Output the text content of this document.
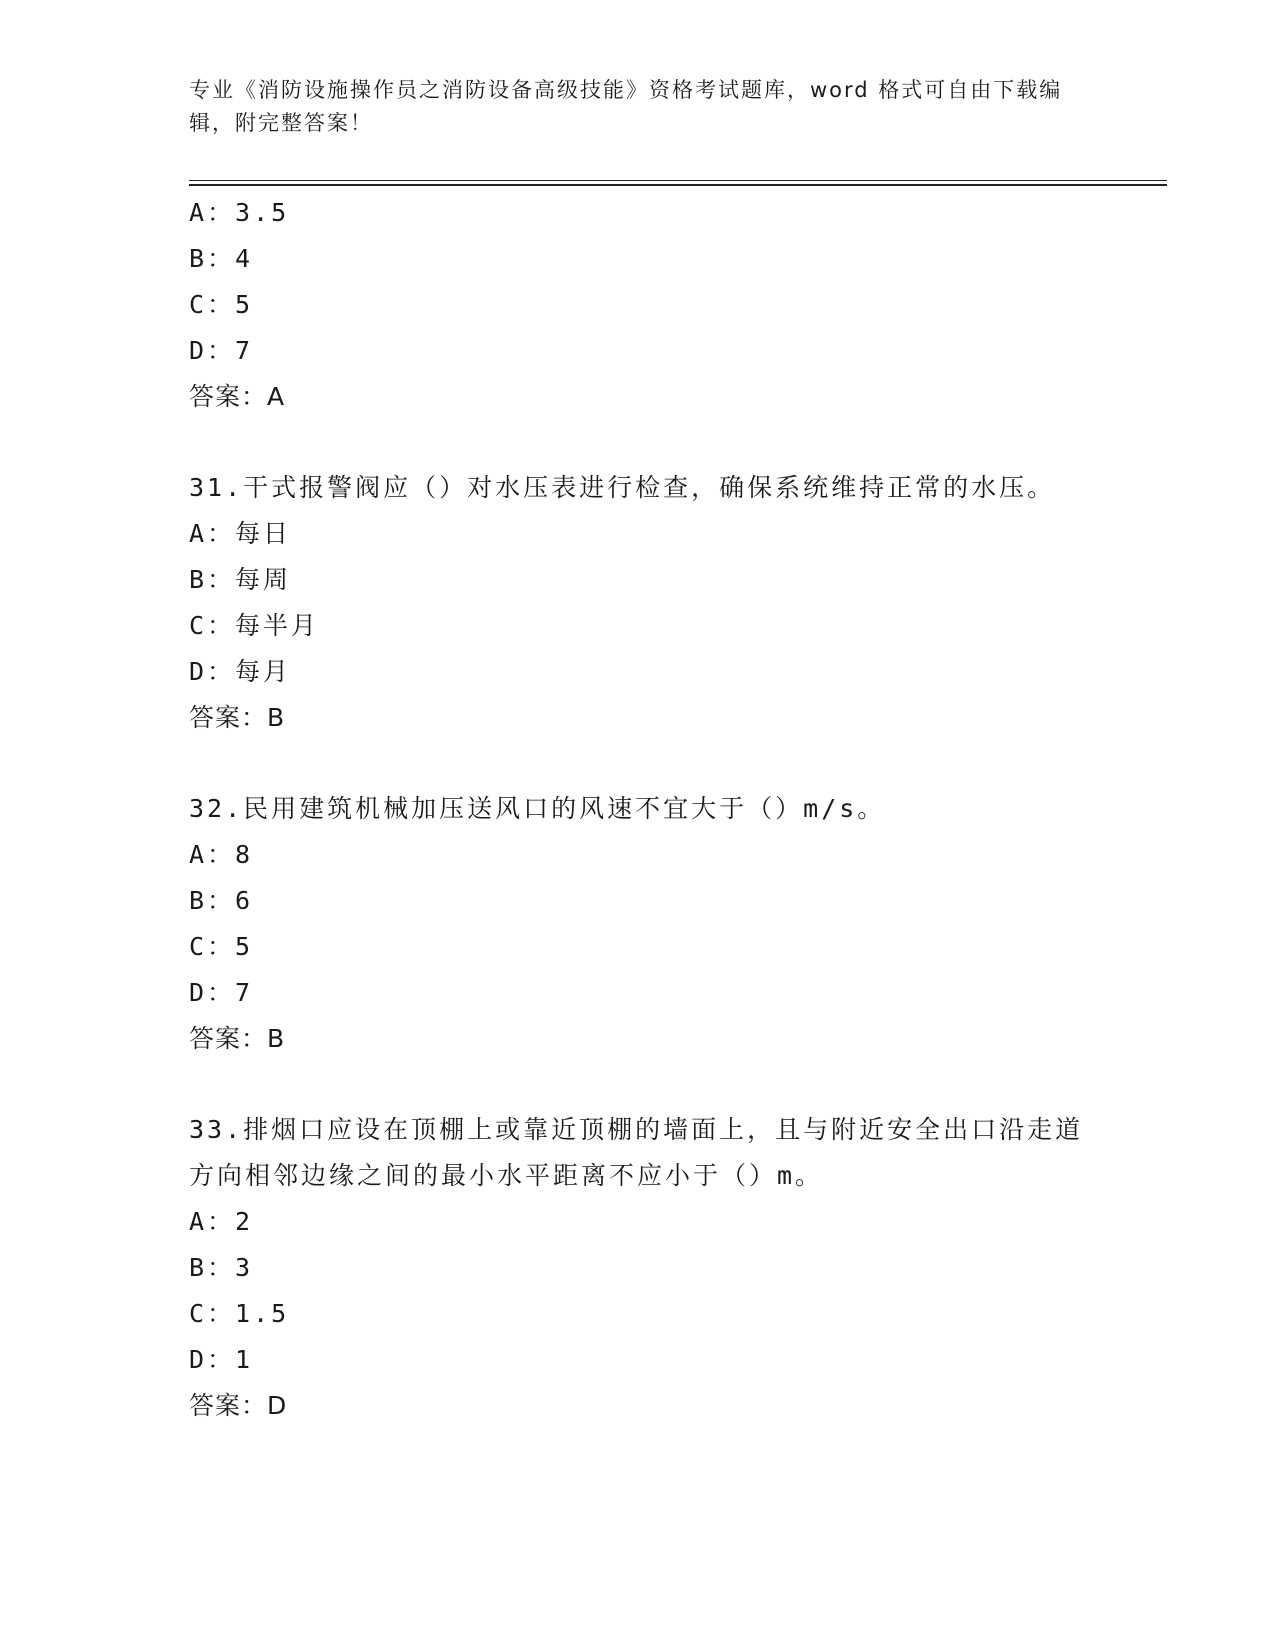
专业《消防设施操作员之消防设备高级技能》资格考试题库，word 格式可自由下载编辑，附完整答案！
A：3.5
B：4
C：5
D：7
答案：A
31.干式报警阀应（）对水压表进行检查，确保系统维持正常的水压。
A：每日
B：每周
C：每半月
D：每月
答案：B
32.民用建筑机械加压送风口的风速不宜大于（）m/s。
A：8
B：6
C：5
D：7
答案：B
33.排烟口应设在顶棚上或靠近顶棚的墙面上，且与附近安全出口沿走道方向相邻边缘之间的最小水平距离不应小于（）m。
A：2
B：3
C：1.5
D：1
答案：D
